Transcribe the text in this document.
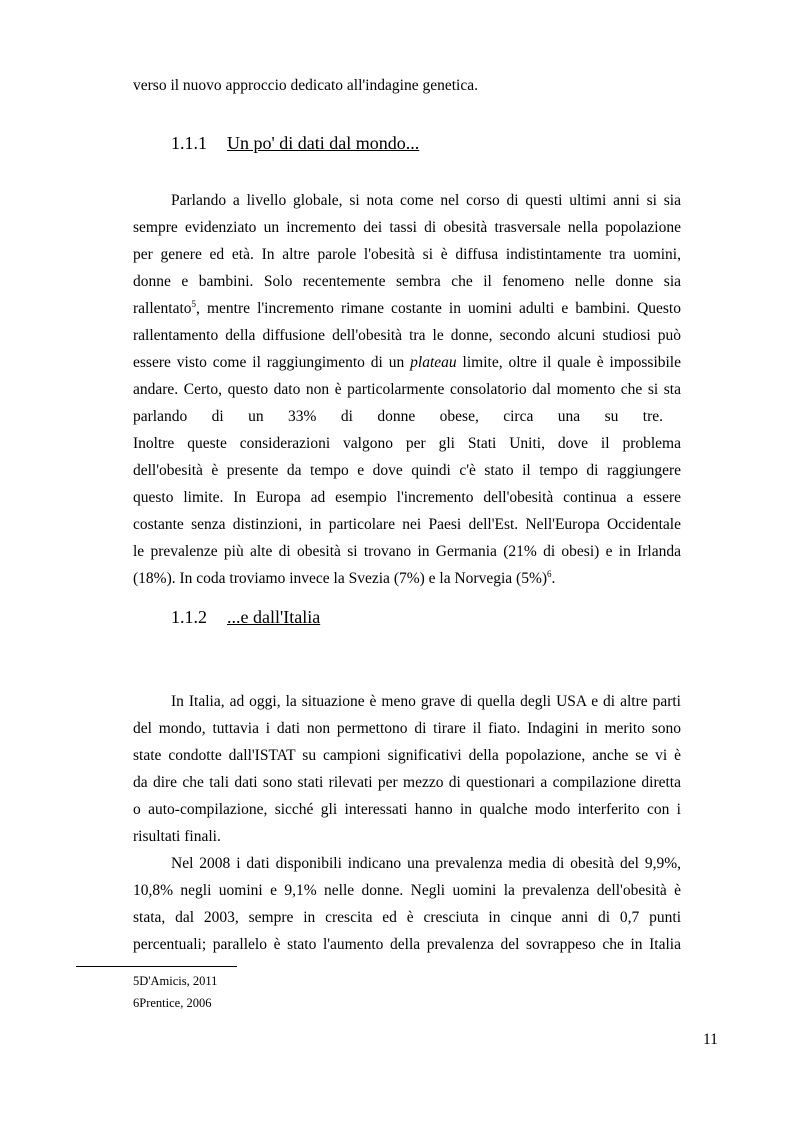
verso il nuovo approccio dedicato all'indagine genetica.
1.1.1 Un po' di dati dal mondo...
Parlando a livello globale, si nota come nel corso di questi ultimi anni si sia
sempre evidenziato un incremento dei tassi di obesità trasversale nella popolazione
per genere ed età. In altre parole l'obesità si è diffusa indistintamente tra uomini,
donne e bambini. Solo recentemente sembra che il fenomeno nelle donne sia
rallentato$^5$, mentre l'incremento rimane costante in uomini adulti e bambini. Questo
rallentamento della diffusione dell'obesità tra le donne, secondo alcuni studiosi può
essere visto come il raggiungimento di un plateau limite, oltre il quale è impossibile
andare. Certo, questo dato non è particolarmente consolatorio dal momento che si sta
parlando di un 33% di donne obese, circa una su tre.
Inoltre queste considerazioni valgono per gli Stati Uniti, dove il problema
dell'obesità è presente da tempo e dove quindi c'è stato il tempo di raggiungere
questo limite. In Europa ad esempio l'incremento dell'obesità continua a essere
costante senza distinzioni, in particolare nei Paesi dell'Est. Nell'Europa Occidentale
le prevalenze più alte di obesità si trovano in Germania (21% di obesi) e in Irlanda
(18%). In coda troviamo invece la Svezia (7%) e la Norvegia $(5\%)^6$.
1.1.2 ...e dall'Italia
In Italia, ad oggi, la situazione è meno grave di quella degli USA e di altre parti
del mondo, tuttavia i dati non permettono di tirare il fiato. Indagini in merito sono
state condotte dall'ISTAT su campioni significativi della popolazione, anche se vi è
da dire che tali dati sono stati rilevati per mezzo di questionari a compilazione diretta
o auto-compilazione, sicché gli interessati hanno in qualche modo interferito con i
risultati finali.
Nel 2008 i dati disponibili indicano una prevalenza media di obesità del 9,9%,
10,8% negli uomini e 9,1% nelle donne. Negli uomini la prevalenza dell'obesità è
stata, dal 2003, sempre in crescita ed è cresciuta in cinque anni di 0,7 punti
percentuali; parallelo è stato l'aumento della prevalenza del sovrappeso che in Italia
5D'Amicis, 2011
6Prentice, 2006
11
